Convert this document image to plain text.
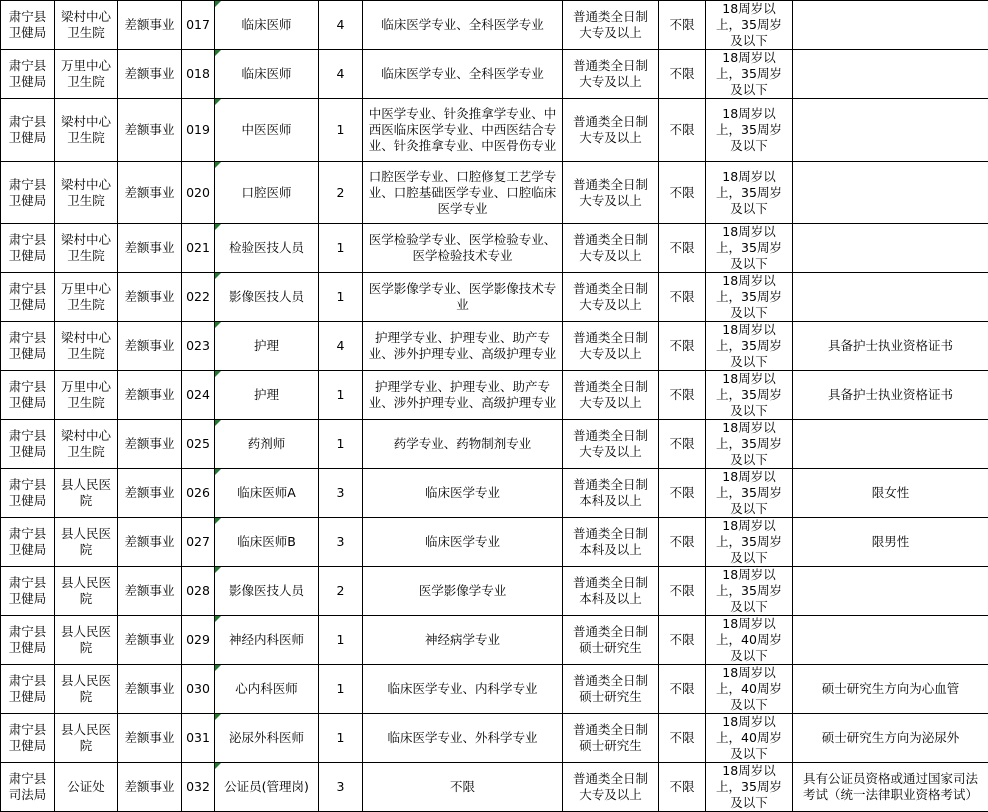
肃宁县卫健局	梁村中心卫生院	差额事业	017	临床医师	4	临床医学专业、全科医学专业	普通类全日制大专及以上	不限	18周岁以上，35周岁及以下	
肃宁县卫健局	万里中心卫生院	差额事业	018	临床医师	4	临床医学专业、全科医学专业	普通类全日制大专及以上	不限	18周岁以上，35周岁及以下	
肃宁县卫健局	梁村中心卫生院	差额事业	019	中医医师	1	中医学专业、针灸推拿学专业、中西医临床医学专业、中西医结合专业、针灸推拿专业、中医骨伤专业	普通类全日制大专及以上	不限	18周岁以上，35周岁及以下	
肃宁县卫健局	梁村中心卫生院	差额事业	020	口腔医师	2	口腔医学专业、口腔修复工艺学专业、口腔基础医学专业、口腔临床医学专业	普通类全日制大专及以上	不限	18周岁以上，35周岁及以下	
肃宁县卫健局	梁村中心卫生院	差额事业	021	检验医技人员	1	医学检验学专业、医学检验专业、医学检验技术专业	普通类全日制大专及以上	不限	18周岁以上，35周岁及以下	
肃宁县卫健局	万里中心卫生院	差额事业	022	影像医技人员	1	医学影像学专业、医学影像技术专业	普通类全日制大专及以上	不限	18周岁以上，35周岁及以下	
肃宁县卫健局	梁村中心卫生院	差额事业	023	护理	4	护理学专业、护理专业、助产专业、涉外护理专业、高级护理专业	普通类全日制大专及以上	不限	18周岁以上，35周岁及以下	具备护士执业资格证书
肃宁县卫健局	万里中心卫生院	差额事业	024	护理	1	护理学专业、护理专业、助产专业、涉外护理专业、高级护理专业	普通类全日制大专及以上	不限	18周岁以上，35周岁及以下	具备护士执业资格证书
肃宁县卫健局	梁村中心卫生院	差额事业	025	药剂师	1	药学专业、药物制剂专业	普通类全日制大专及以上	不限	18周岁以上，35周岁及以下	
肃宁县卫健局	县人民医院	差额事业	026	临床医师A	3	临床医学专业	普通类全日制本科及以上	不限	18周岁以上，35周岁及以下	限女性
肃宁县卫健局	县人民医院	差额事业	027	临床医师B	3	临床医学专业	普通类全日制本科及以上	不限	18周岁以上，35周岁及以下	限男性
肃宁县卫健局	县人民医院	差额事业	028	影像医技人员	2	医学影像学专业	普通类全日制本科及以上	不限	18周岁以上，35周岁及以下	
肃宁县卫健局	县人民医院	差额事业	029	神经内科医师	1	神经病学专业	普通类全日制硕士研究生	不限	18周岁以上，40周岁及以下	
肃宁县卫健局	县人民医院	差额事业	030	心内科医师	1	临床医学专业、内科学专业	普通类全日制硕士研究生	不限	18周岁以上，40周岁及以下	硕士研究生方向为心血管
肃宁县卫健局	县人民医院	差额事业	031	泌尿外科医师	1	临床医学专业、外科学专业	普通类全日制硕士研究生	不限	18周岁以上，40周岁及以下	硕士研究生方向为泌尿外
肃宁县司法局	公证处	差额事业	032	公证员(管理岗)	3	不限	普通类全日制大专及以上	不限	18周岁以上，35周岁及以下	具有公证员资格或通过国家司法考试（统一法律职业资格考试）
